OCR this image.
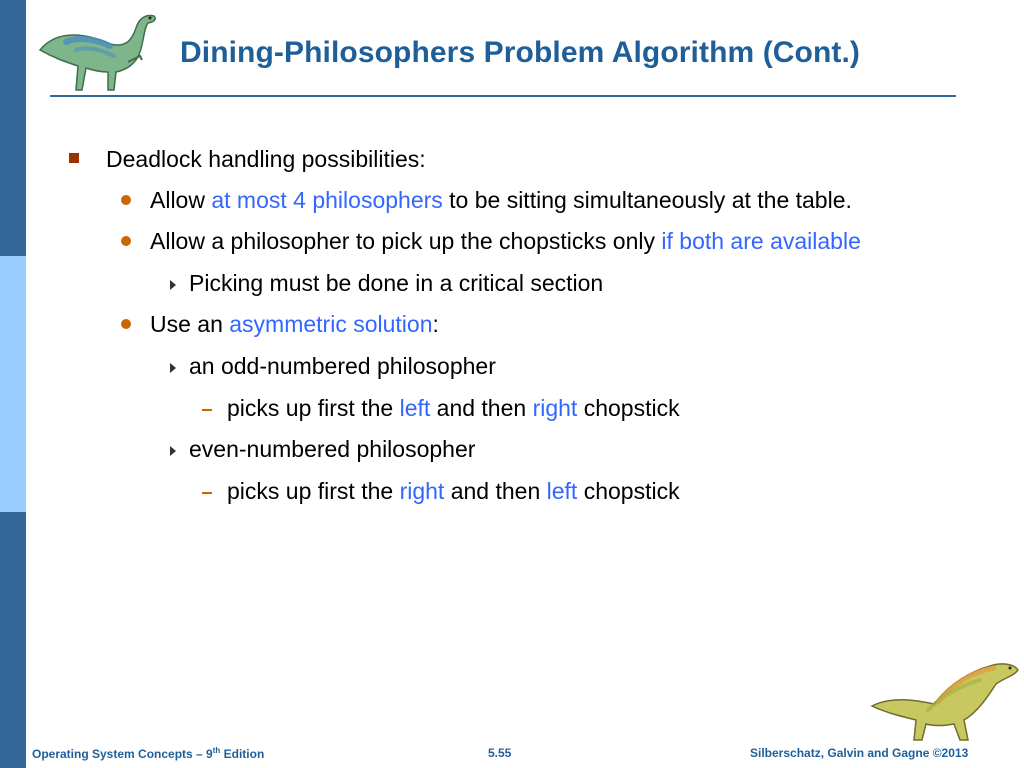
Dining-Philosophers Problem Algorithm (Cont.)
Deadlock handling possibilities:
Allow at most 4 philosophers to be sitting simultaneously at the table.
Allow a philosopher to pick up the chopsticks only if both are available
Picking must be done in a critical section
Use an asymmetric solution:
an odd-numbered philosopher
picks up first the left and then right chopstick
even-numbered philosopher
picks up first the right and then left chopstick
Operating System Concepts – 9th Edition	5.55	Silberschatz, Galvin and Gagne ©2013
